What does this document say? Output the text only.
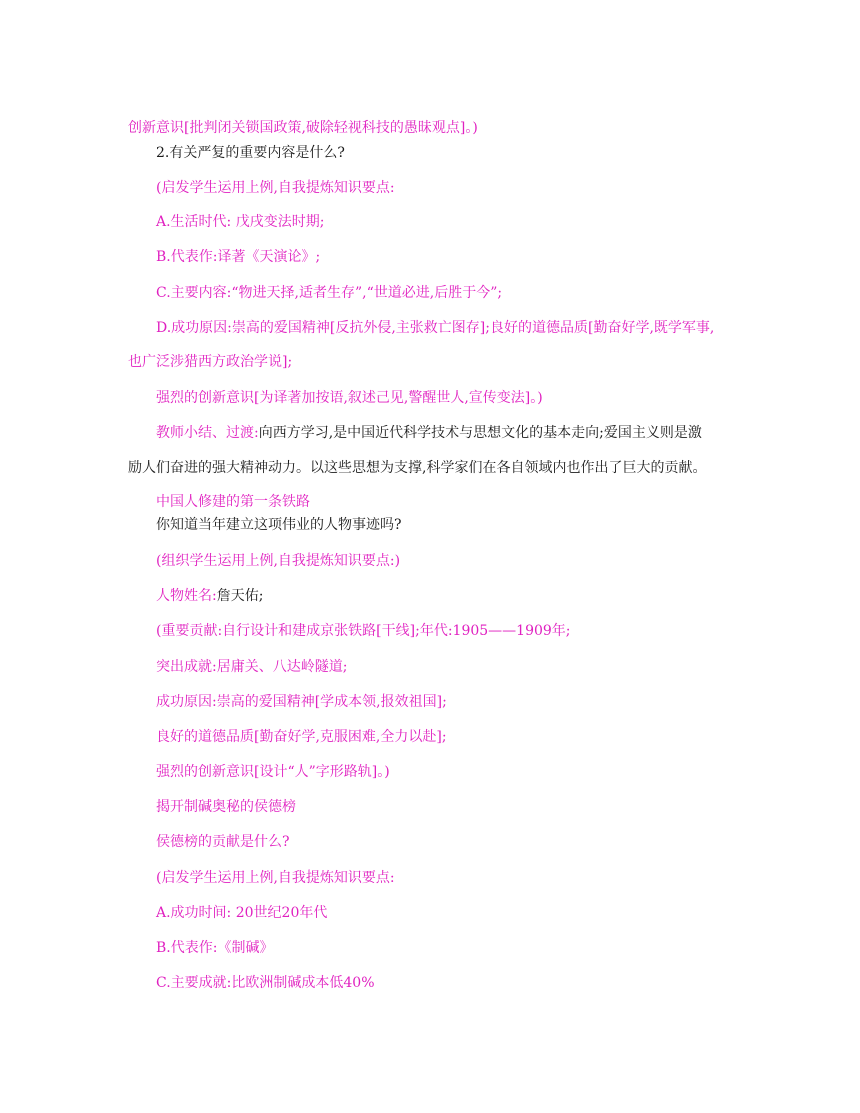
创新意识[批判闭关锁国政策,破除轻视科技的愚昧观点]。)
2.有关严复的重要内容是什么?
(启发学生运用上例,自我提炼知识要点:
A.生活时代: 戊戌变法时期;
B.代表作:译著《天演论》;
C.主要内容:“物进天择,适者生存”,“世道必进,后胜于今”;
D.成功原因:崇高的爱国精神[反抗外侵,主张救亡图存];良好的道德品质[勤奋好学,既学军事,
也广泛涉猎西方政治学说];
强烈的创新意识[为译著加按语,叙述己见,警醒世人,宣传变法]。)
教师小结、过渡:向西方学习,是中国近代科学技术与思想文化的基本走向;爱国主义则是激
励人们奋进的强大精神动力。以这些思想为支撑,科学家们在各自领域内也作出了巨大的贡献。
中国人修建的第一条铁路
你知道当年建立这项伟业的人物事迹吗?
(组织学生运用上例,自我提炼知识要点:)
人物姓名:詹天佑;
(重要贡献:自行设计和建成京张铁路[干线];年代:1905——1909年;
突出成就:居庸关、八达岭隧道;
成功原因:崇高的爱国精神[学成本领,报效祖国];
良好的道德品质[勤奋好学,克服困难,全力以赴];
强烈的创新意识[设计“人”字形路轨]。)
揭开制碱奥秘的侯德榜
侯德榜的贡献是什么?
(启发学生运用上例,自我提炼知识要点:
A.成功时间: 20世纪20年代
B.代表作:《制碱》
C.主要成就:比欧洲制碱成本低40%
